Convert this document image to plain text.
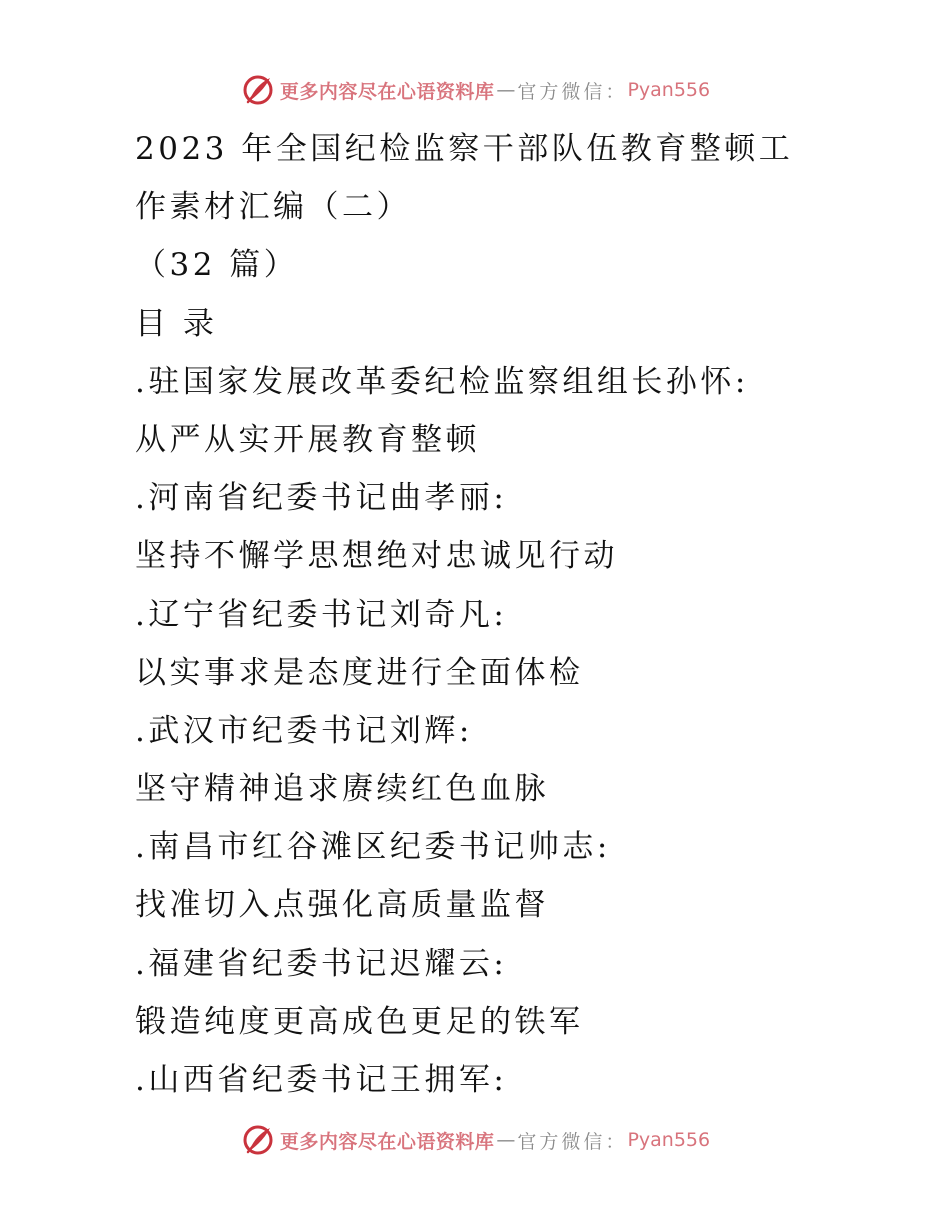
更多内容尽在心语资料库 — 官方微信： Pyan556
2023 年全国纪检监察干部队伍教育整顿工
作素材汇编（二）
（32 篇）
目 录
.驻国家发展改革委纪检监察组组长孙怀:
从严从实开展教育整顿
.河南省纪委书记曲孝丽:
坚持不懈学思想绝对忠诚见行动
.辽宁省纪委书记刘奇凡:
以实事求是态度进行全面体检
.武汉市纪委书记刘辉:
坚守精神追求赓续红色血脉
.南昌市红谷滩区纪委书记帅志:
找准切入点强化高质量监督
.福建省纪委书记迟耀云:
锻造纯度更高成色更足的铁军
.山西省纪委书记王拥军:
更多内容尽在心语资料库 — 官方微信： Pyan556
